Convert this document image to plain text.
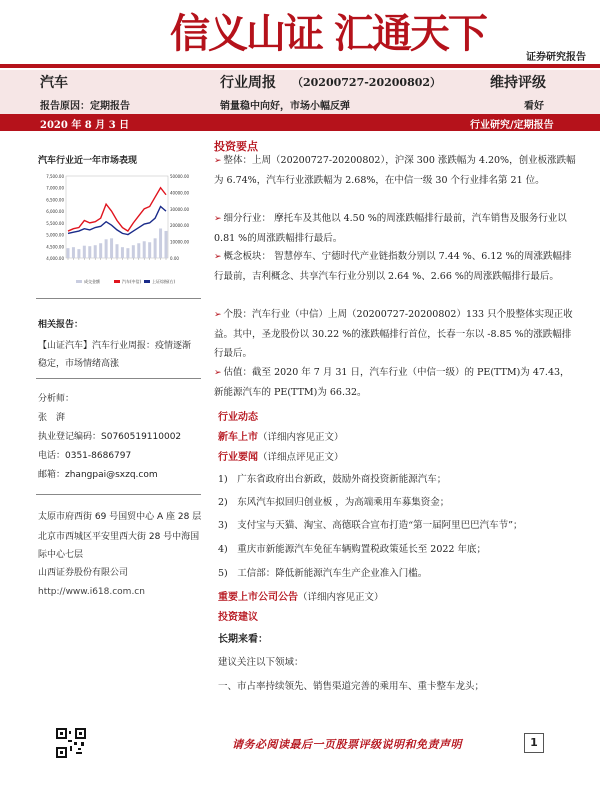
信义山证 汇通天下
证券研究报告
汽车	行业周报 （20200727-20200802）	维持评级
报告原因：定期报告	销量稳中向好，市场小幅反弹	看好
2020 年 8 月 3 日	行业研究/定期报告
汽车行业近一年市场表现
7,500.00
7,000.00
6,500.00
6,000.00
5,500.00
5,000.00
4,500.00
4,000.00
50000.00
40000.00
30000.00
20000.00
10000.00
0.00
成交金额	汽车(中信)	上证综指(右)
相关报告：
【山证汽车】汽车行业周报：疫情逐渐稳定，市场情绪高涨
分析师：
张　湃
执业登记编码：S0760519110002
电话：0351-8686797
邮箱：zhangpai@sxzq.com
太原市府西街 69 号国贸中心 A 座 28 层
北京市西城区平安里西大街 28 号中海国际中心七层
山西证券股份有限公司
http://www.i618.com.cn
投资要点
➢ 整体：上周（20200727-20200802），沪深 300 涨跌幅为 4.20%，创业板涨跌幅为 6.74%，汽车行业涨跌幅为 2.68%，在中信一级 30 个行业排名第 21 位。
➢ 细分行业： 摩托车及其他以 4.50 %的周涨跌幅排行最前，汽车销售及服务行业以 0.81 %的周涨跌幅排行最后。
➢ 概念板块： 智慧停车、宁德时代产业链指数分别以 7.44 %、6.12 %的周涨跌幅排行最前，吉利概念、共享汽车行业分别以 2.64 %、2.66 %的周涨跌幅排行最后。
➢ 个股：汽车行业（中信）上周（20200727-20200802）133 只个股整体实现正收益。其中，圣龙股份以 30.22 %的涨跌幅排行首位，长春一东以 -8.85 %的涨跌幅排行最后。
➢ 估值：截至 2020 年 7 月 31 日，汽车行业（中信一级）的 PE(TTM)为 47.43，新能源汽车的 PE(TTM)为 66.32。
行业动态
新车上市（详细内容见正文）
行业要闻（详细点评见正文）
1)　广东省政府出台新政，鼓励外商投资新能源汽车；
2)　东风汽车拟回归创业板 ，为高端乘用车募集资金；
3)　支付宝与天猫、淘宝、高德联合宣布打造“第一届阿里巴巴汽车节”；
4)　重庆市新能源汽车免征车辆购置税政策延长至 2022 年底；
5)　工信部：降低新能源汽车生产企业准入门槛。
重要上市公司公告（详细内容见正文）
投资建议
长期来看：
建议关注以下领域：
一、市占率持续领先、销售渠道完善的乘用车、重卡整车龙头；
请务必阅读最后一页股票评级说明和免责声明	1
